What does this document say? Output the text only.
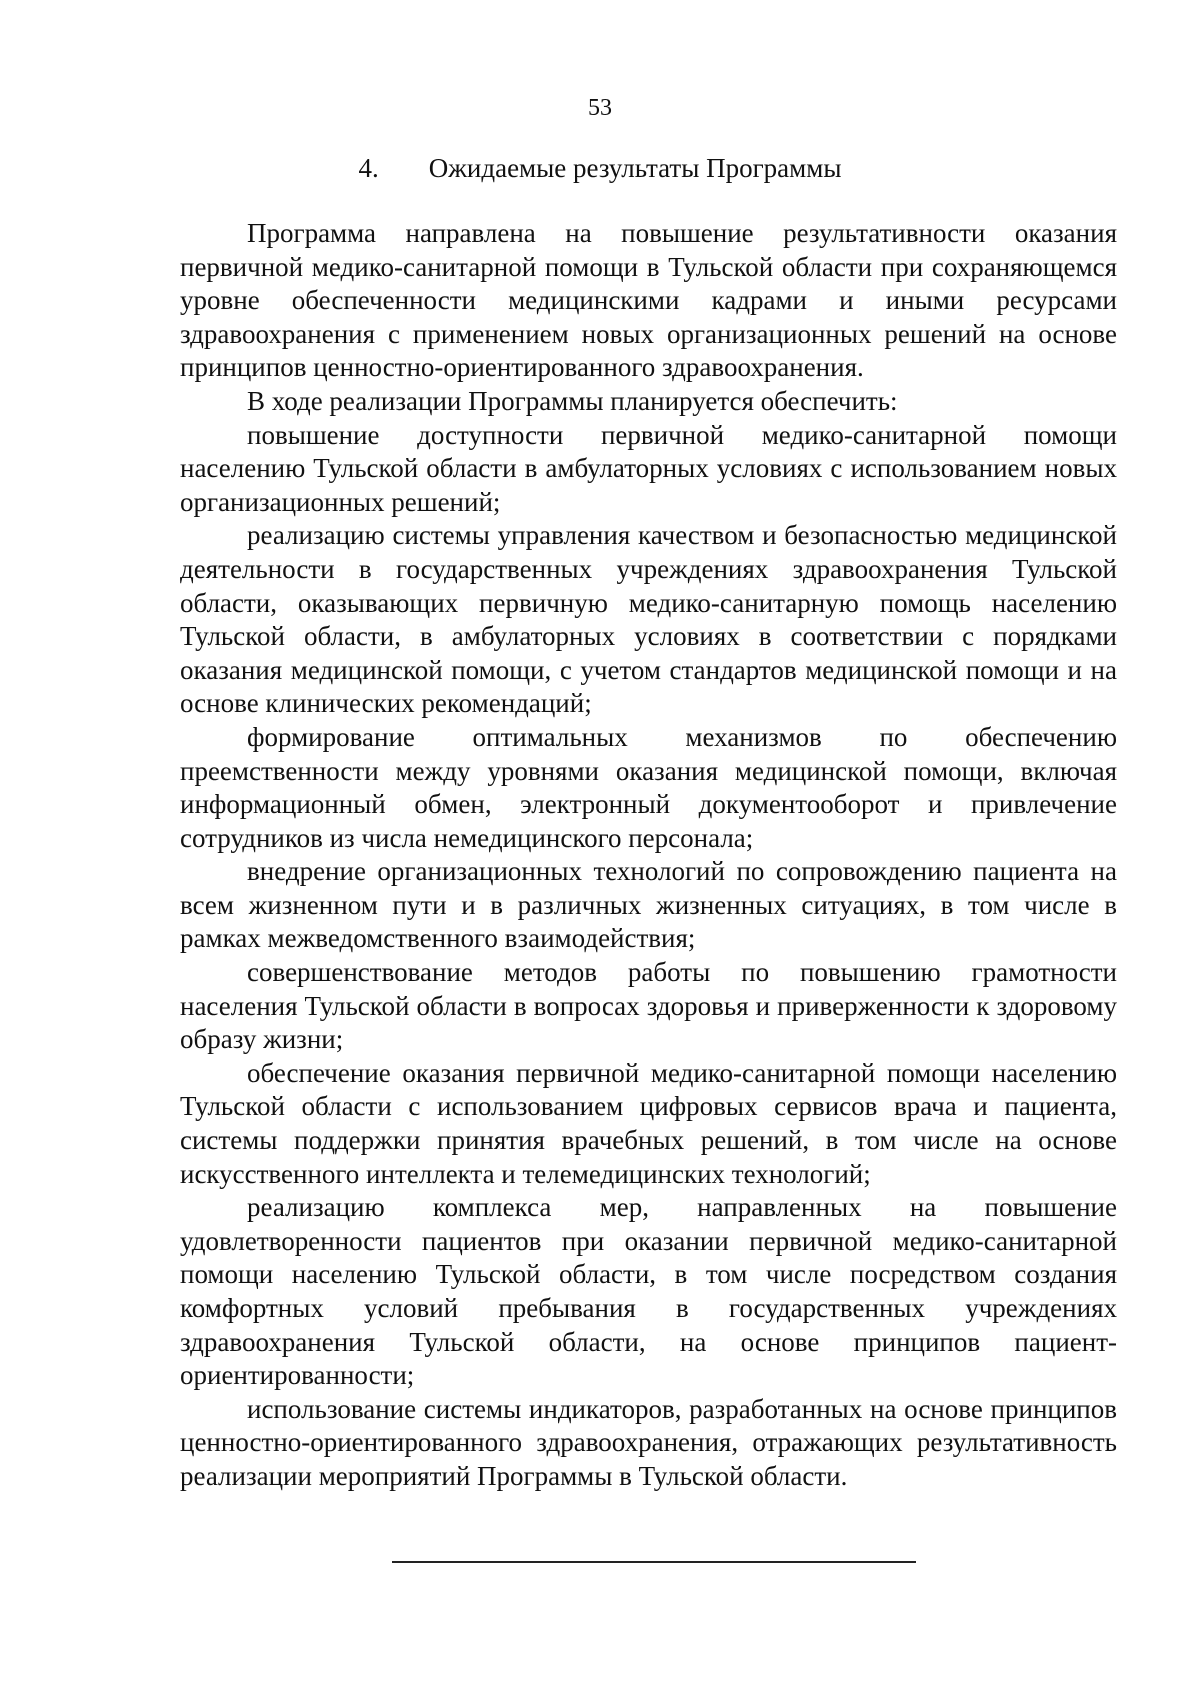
53
4. Ожидаемые результаты Программы

Программа направлена на повышение результативности оказания первичной медико-санитарной помощи в Тульской области при сохраняющемся уровне обеспеченности медицинскими кадрами и иными ресурсами здравоохранения с применением новых организационных решений на основе принципов ценностно-ориентированного здравоохранения.

В ходе реализации Программы планируется обеспечить:

повышение доступности первичной медико-санитарной помощи населению Тульской области в амбулаторных условиях с использованием новых организационных решений;

реализацию системы управления качеством и безопасностью медицинской деятельности в государственных учреждениях здравоохранения Тульской области, оказывающих первичную медико-санитарную помощь населению Тульской области, в амбулаторных условиях в соответствии с порядками оказания медицинской помощи, с учетом стандартов медицинской помощи и на основе клинических рекомендаций;

формирование оптимальных механизмов по обеспечению преемственности между уровнями оказания медицинской помощи, включая информационный обмен, электронный документооборот и привлечение сотрудников из числа немедицинского персонала;

внедрение организационных технологий по сопровождению пациента на всем жизненном пути и в различных жизненных ситуациях, в том числе в рамках межведомственного взаимодействия;

совершенствование методов работы по повышению грамотности населения Тульской области в вопросах здоровья и приверженности к здоровому образу жизни;

обеспечение оказания первичной медико-санитарной помощи населению Тульской области с использованием цифровых сервисов врача и пациента, системы поддержки принятия врачебных решений, в том числе на основе искусственного интеллекта и телемедицинских технологий;

реализацию комплекса мер, направленных на повышение удовлетворенности пациентов при оказании первичной медико-санитарной помощи населению Тульской области, в том числе посредством создания комфортных условий пребывания в государственных учреждениях здравоохранения Тульской области, на основе принципов пациент-ориентированности;

использование системы индикаторов, разработанных на основе принципов ценностно-ориентированного здравоохранения, отражающих результативность реализации мероприятий Программы в Тульской области.
